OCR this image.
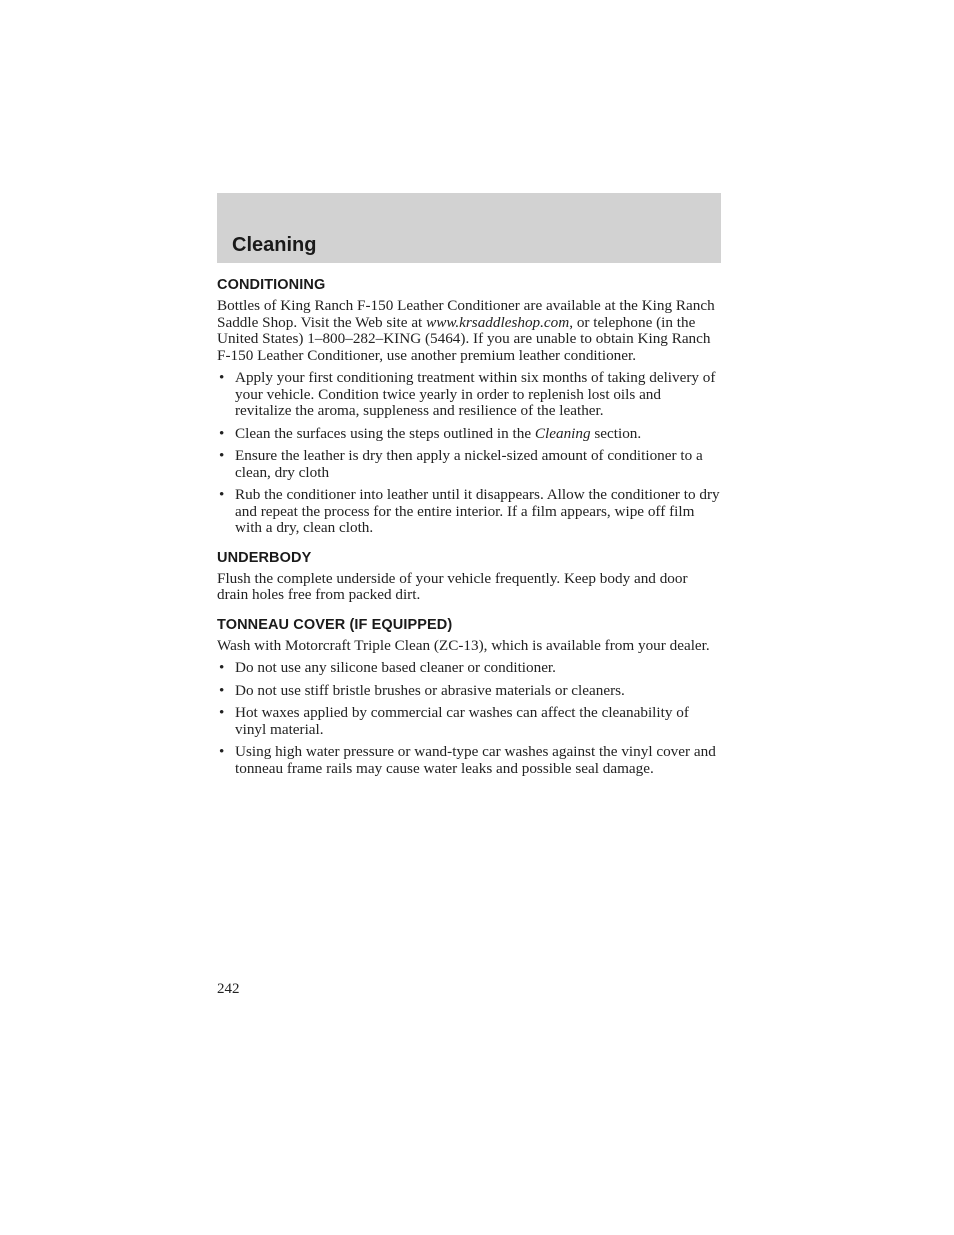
Cleaning
CONDITIONING

Bottles of King Ranch F-150 Leather Conditioner are available at the King Ranch Saddle Shop. Visit the Web site at www.krsaddleshop.com, or telephone (in the United States) 1–800–282–KING (5464). If you are unable to obtain King Ranch F-150 Leather Conditioner, use another premium leather conditioner.

• Apply your first conditioning treatment within six months of taking delivery of your vehicle. Condition twice yearly in order to replenish lost oils and revitalize the aroma, suppleness and resilience of the leather.
• Clean the surfaces using the steps outlined in the Cleaning section.
• Ensure the leather is dry then apply a nickel-sized amount of conditioner to a clean, dry cloth
• Rub the conditioner into leather until it disappears. Allow the conditioner to dry and repeat the process for the entire interior. If a film appears, wipe off film with a dry, clean cloth.
UNDERBODY

Flush the complete underside of your vehicle frequently. Keep body and door drain holes free from packed dirt.

TONNEAU COVER (IF EQUIPPED)

Wash with Motorcraft Triple Clean (ZC-13), which is available from your dealer.

• Do not use any silicone based cleaner or conditioner.
• Do not use stiff bristle brushes or abrasive materials or cleaners.
• Hot waxes applied by commercial car washes can affect the cleanability of vinyl material.
• Using high water pressure or wand-type car washes against the vinyl cover and tonneau frame rails may cause water leaks and possible seal damage.
242
